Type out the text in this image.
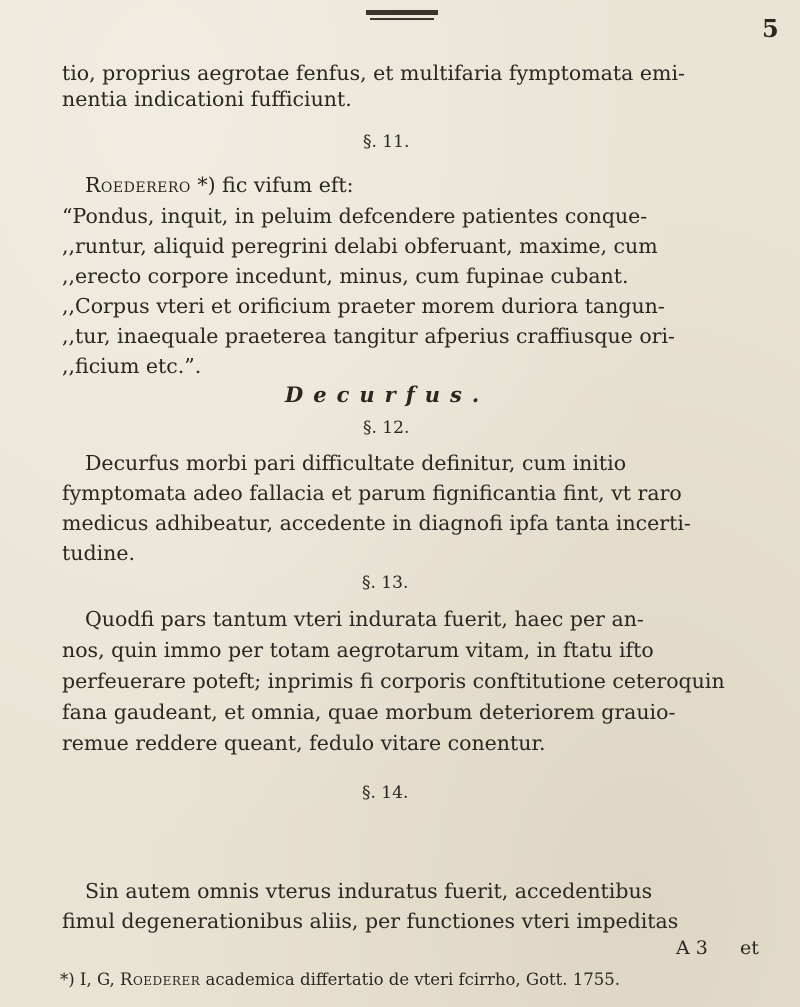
5
tio, proprius aegrotae fenfus, et multifaria fymptomata emi-
nentia indicationi fufficiunt.
§. 11.
Roederero *) fic vifum eft:
“Pondus, inquit, in peluim defcendere patientes conque-
,,runtur, aliquid peregrini delabi obferuant, maxime, cum
,,erecto corpore incedunt, minus, cum fupinae cubant.
,,Corpus vteri et orificium praeter morem duriora tangun-
,,tur, inaequale praeterea tangitur afperius craffiusque ori-
,,ficium etc.”.
Decurfus.
§. 12.
Decurfus morbi pari difficultate definitur, cum initio
fymptomata adeo fallacia et parum fignificantia fint, vt raro
medicus adhibeatur, accedente in diagnofi ipfa tanta incerti-
tudine.
§. 13.
Quodfi pars tantum vteri indurata fuerit, haec per an-
nos, quin immo per totam aegrotarum vitam, in ftatu ifto
perfeuerare poteft; inprimis fi corporis conftitutione ceteroquin
fana gaudeant, et omnia, quae morbum deteriorem grauio-
remue reddere queant, fedulo vitare conentur.
§. 14.
Sin autem omnis vterus induratus fuerit, accedentibus
fimul degenerationibus aliis, per functiones vteri impeditas
A 3 et
*) I, G, Roederer academica differtatio de vteri fcirrho, Gott. 1755.
